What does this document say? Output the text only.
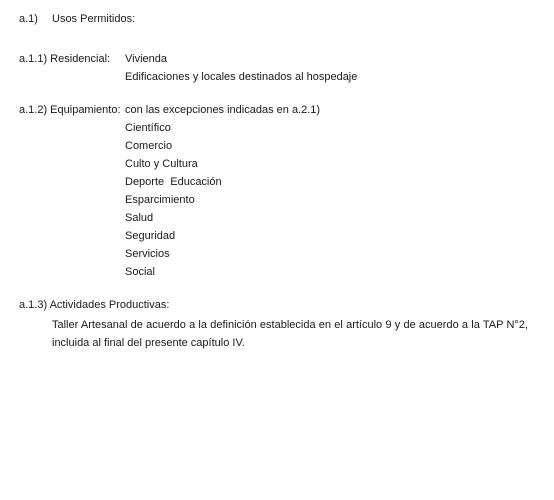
a.1) Usos Permitidos:
a.1.1) Residencial: Vivienda
Edificaciones y locales destinados al hospedaje
a.1.2) Equipamiento: con las excepciones indicadas en a.2.1)
Científico
Comercio
Culto y Cultura
Deporte  Educación
Esparcimiento
Salud
Seguridad
Servicios
Social
a.1.3) Actividades Productivas:
Taller Artesanal de acuerdo a la definición establecida en el artículo 9 y de acuerdo a la TAP N°2,
incluida al final del presente capítulo IV.
